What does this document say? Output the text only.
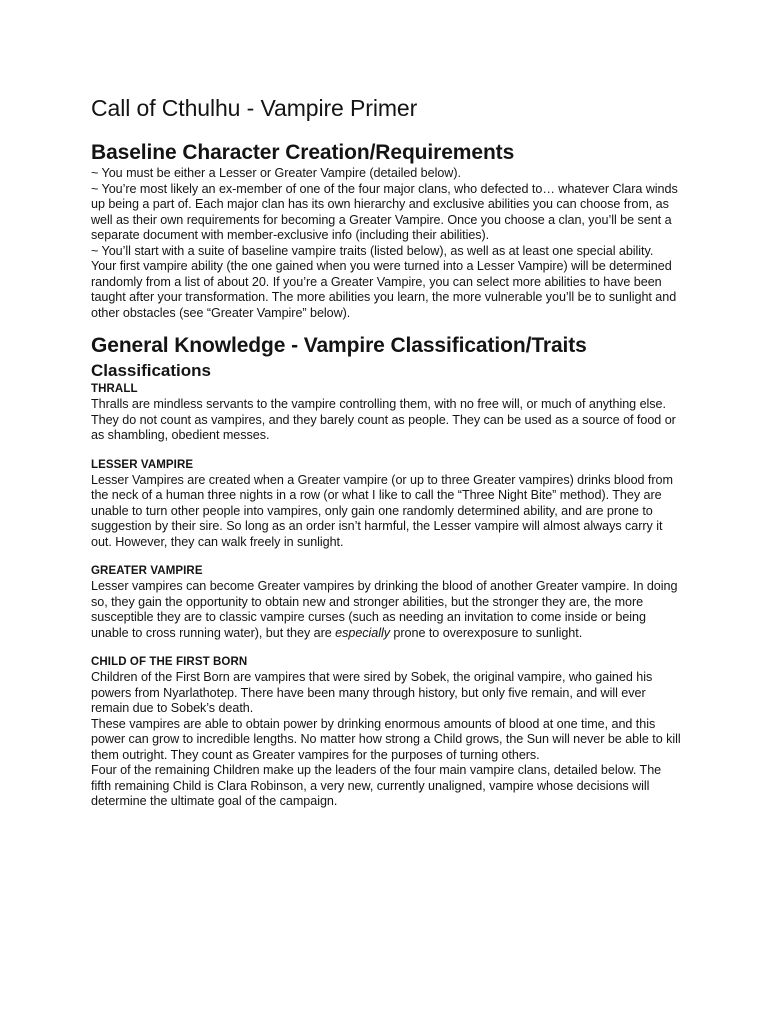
Call of Cthulhu - Vampire Primer
Baseline Character Creation/Requirements

~ You must be either a Lesser or Greater Vampire (detailed below).

~ You’re most likely an ex-member of one of the four major clans, who defected to… whatever Clara winds up being a part of. Each major clan has its own hierarchy and exclusive abilities you can choose from, as well as their own requirements for becoming a Greater Vampire. Once you choose a clan, you’ll be sent a separate document with member-exclusive info (including their abilities).

~ You’ll start with a suite of baseline vampire traits (listed below), as well as at least one special ability. Your first vampire ability (the one gained when you were turned into a Lesser Vampire) will be determined randomly from a list of about 20. If you’re a Greater Vampire, you can select more abilities to have been taught after your transformation. The more abilities you learn, the more vulnerable you’ll be to sunlight and other obstacles (see “Greater Vampire” below).

General Knowledge - Vampire Classification/Traits
Classifications
THRALL

Thralls are mindless servants to the vampire controlling them, with no free will, or much of anything else. They do not count as vampires, and they barely count as people. They can be used as a source of food or as shambling, obedient messes.

LESSER VAMPIRE

Lesser Vampires are created when a Greater vampire (or up to three Greater vampires) drinks blood from the neck of a human three nights in a row (or what I like to call the “Three Night Bite” method). They are unable to turn other people into vampires, only gain one randomly determined ability, and are prone to suggestion by their sire. So long as an order isn’t harmful, the Lesser vampire will almost always carry it out. However, they can walk freely in sunlight.

GREATER VAMPIRE

Lesser vampires can become Greater vampires by drinking the blood of another Greater vampire. In doing so, they gain the opportunity to obtain new and stronger abilities, but the stronger they are, the more susceptible they are to classic vampire curses (such as needing an invitation to come inside or being unable to cross running water), but they are especially prone to overexposure to sunlight.

CHILD OF THE FIRST BORN

Children of the First Born are vampires that were sired by Sobek, the original vampire, who gained his powers from Nyarlathotep. There have been many through history, but only five remain, and will ever remain due to Sobek’s death.

These vampires are able to obtain power by drinking enormous amounts of blood at one time, and this power can grow to incredible lengths. No matter how strong a Child grows, the Sun will never be able to kill them outright. They count as Greater vampires for the purposes of turning others.

Four of the remaining Children make up the leaders of the four main vampire clans, detailed below. The fifth remaining Child is Clara Robinson, a very new, currently unaligned, vampire whose decisions will determine the ultimate goal of the campaign.
